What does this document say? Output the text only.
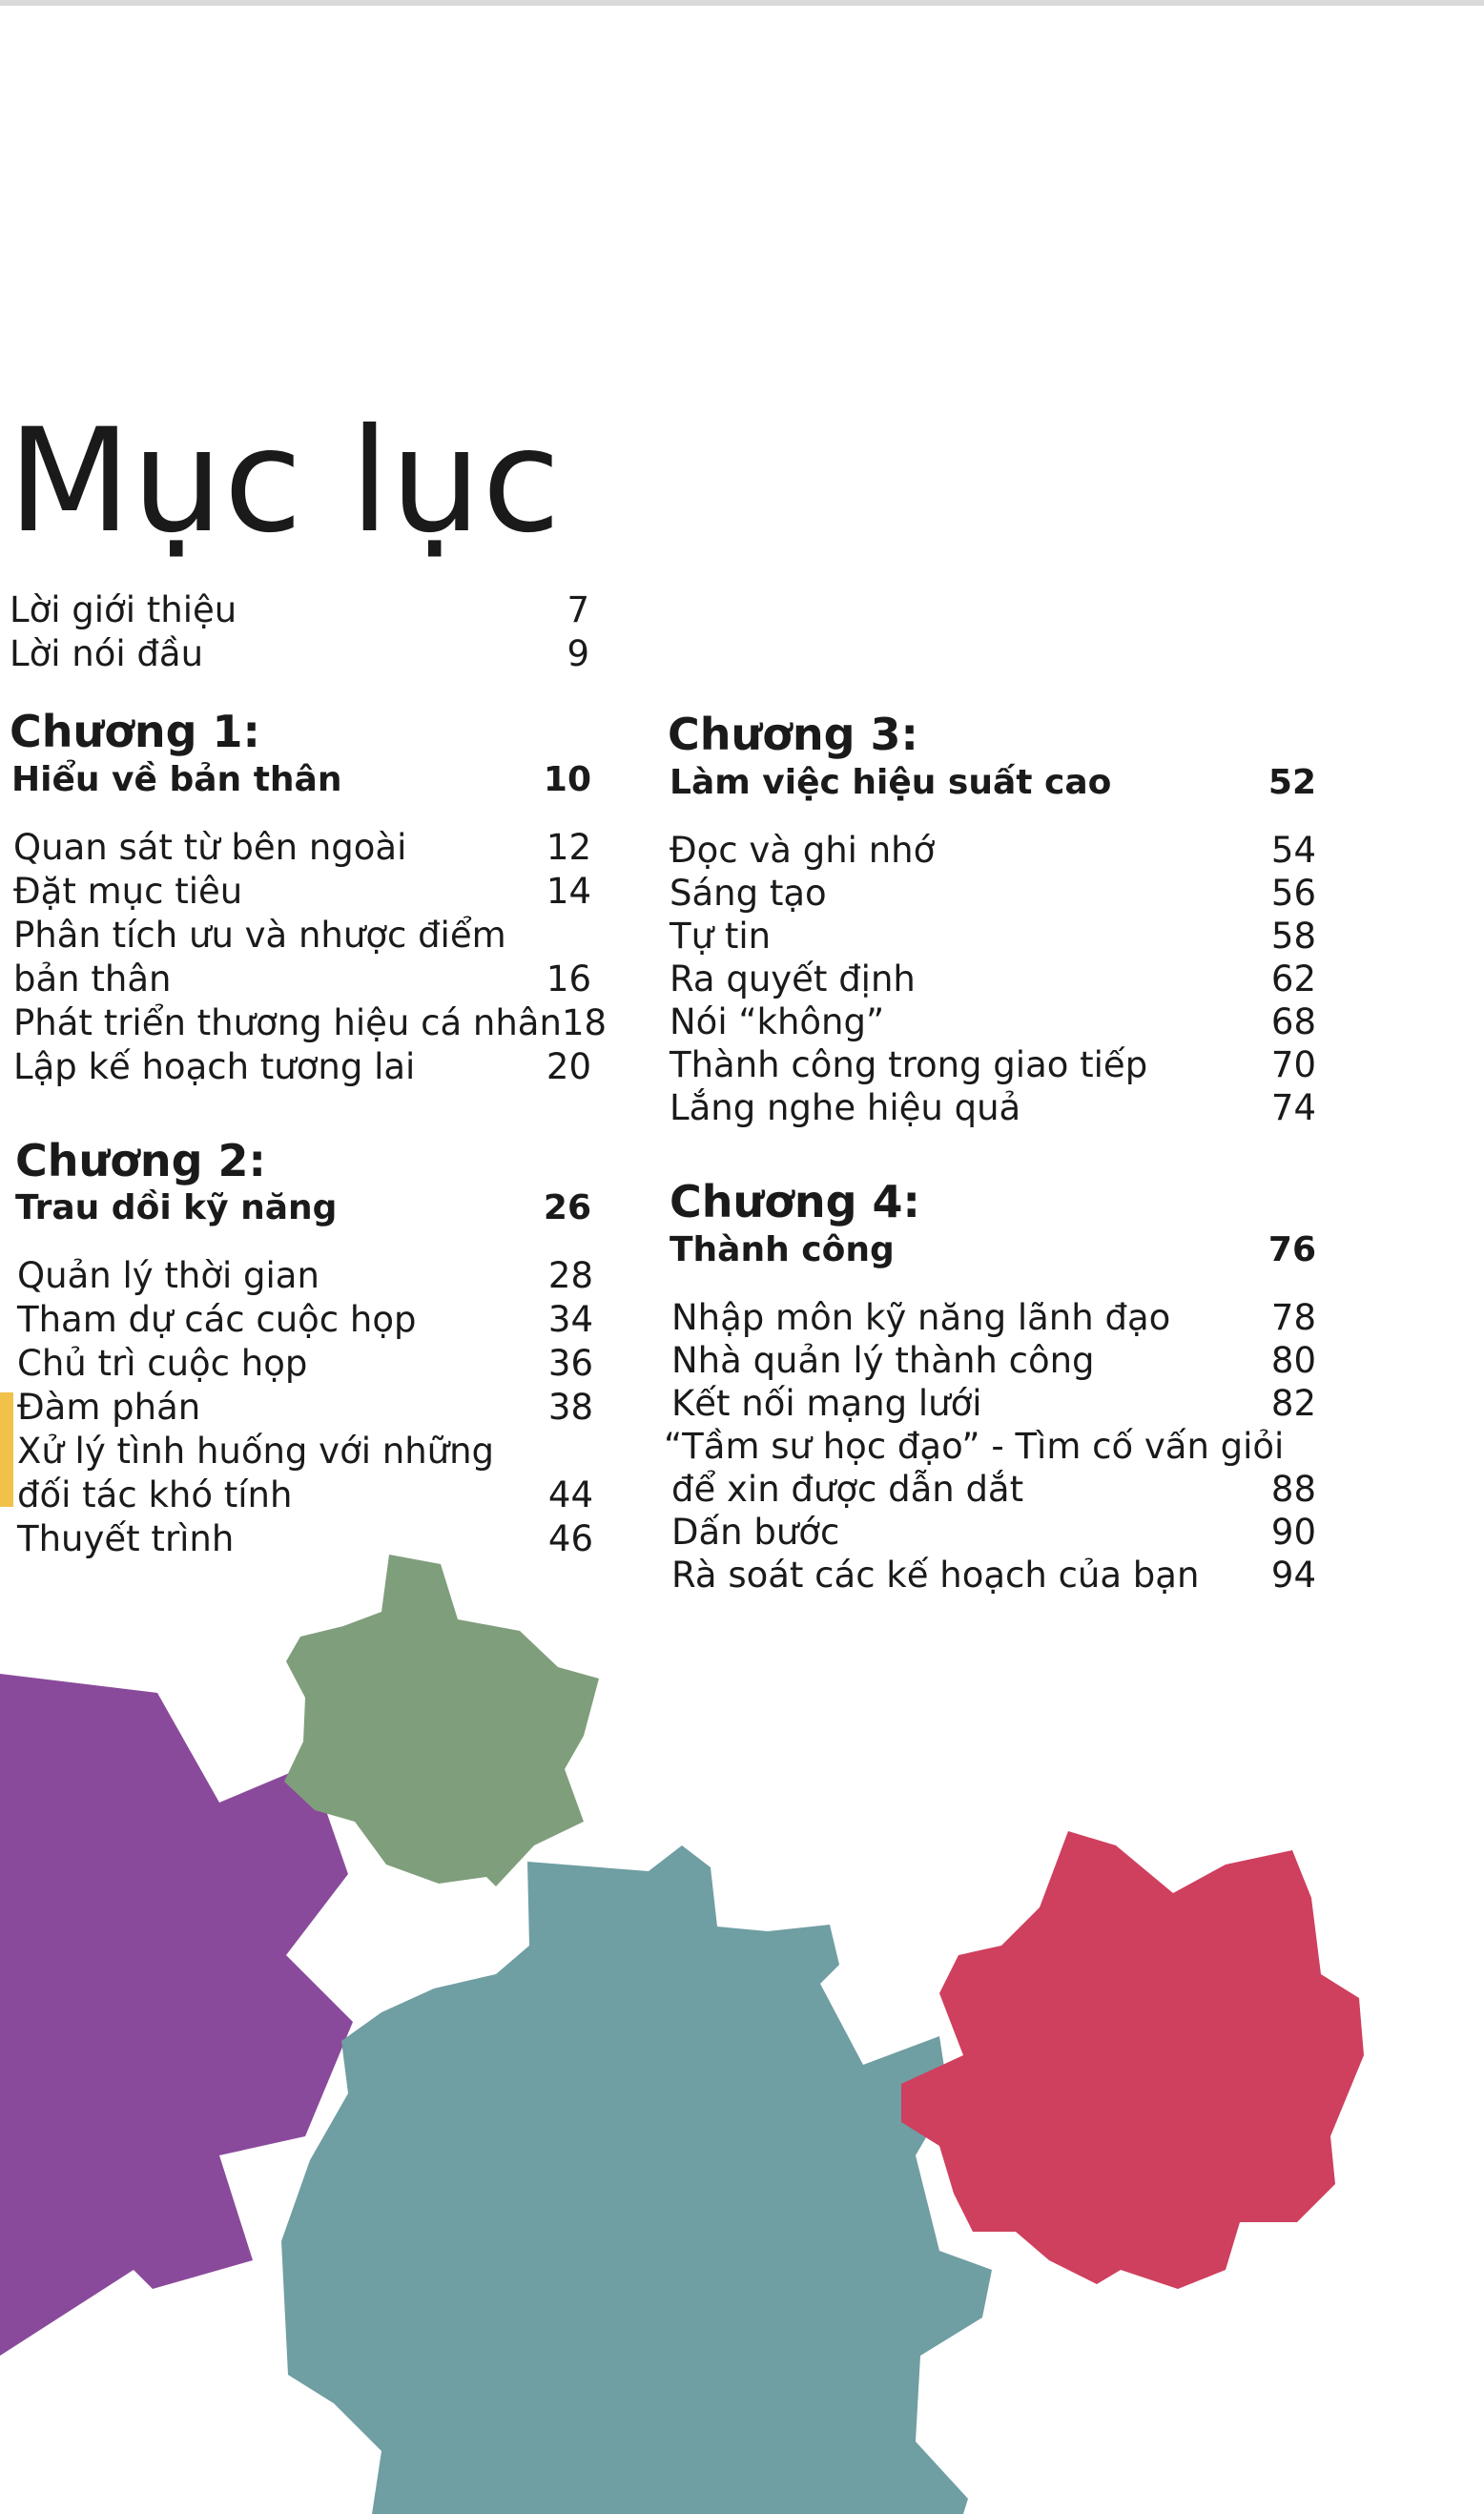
Mục lục
Lời giới thiệu	7
Lời nói đầu	9
Chương 1:
Hiểu về bản thân	10
Quan sát từ bên ngoài	12
Đặt mục tiêu	14
Phân tích ưu và nhược điểm
bản thân	16
Phát triển thương hiệu cá nhân 18
Lập kế hoạch tương lai	20
Chương 2:
Trau dồi kỹ năng	26
Quản lý thời gian	28
Tham dự các cuộc họp	34
Chủ trì cuộc họp	36
Đàm phán	38
Xử lý tình huống với những
đối tác khó tính	44
Thuyết trình	46
Chương 3:
Làm việc hiệu suất cao	52
Đọc và ghi nhớ	54
Sáng tạo	56
Tự tin	58
Ra quyết định	62
Nói “không”	68
Thành công trong giao tiếp	70
Lắng nghe hiệu quả	74
Chương 4:
Thành công	76
Nhập môn kỹ năng lãnh đạo	78
Nhà quản lý thành công	80
Kết nối mạng lưới	82
“Tầm sư học đạo” - Tìm cố vấn giỏi
để xin được dẫn dắt	88
Dấn bước	90
Rà soát các kế hoạch của bạn 94
